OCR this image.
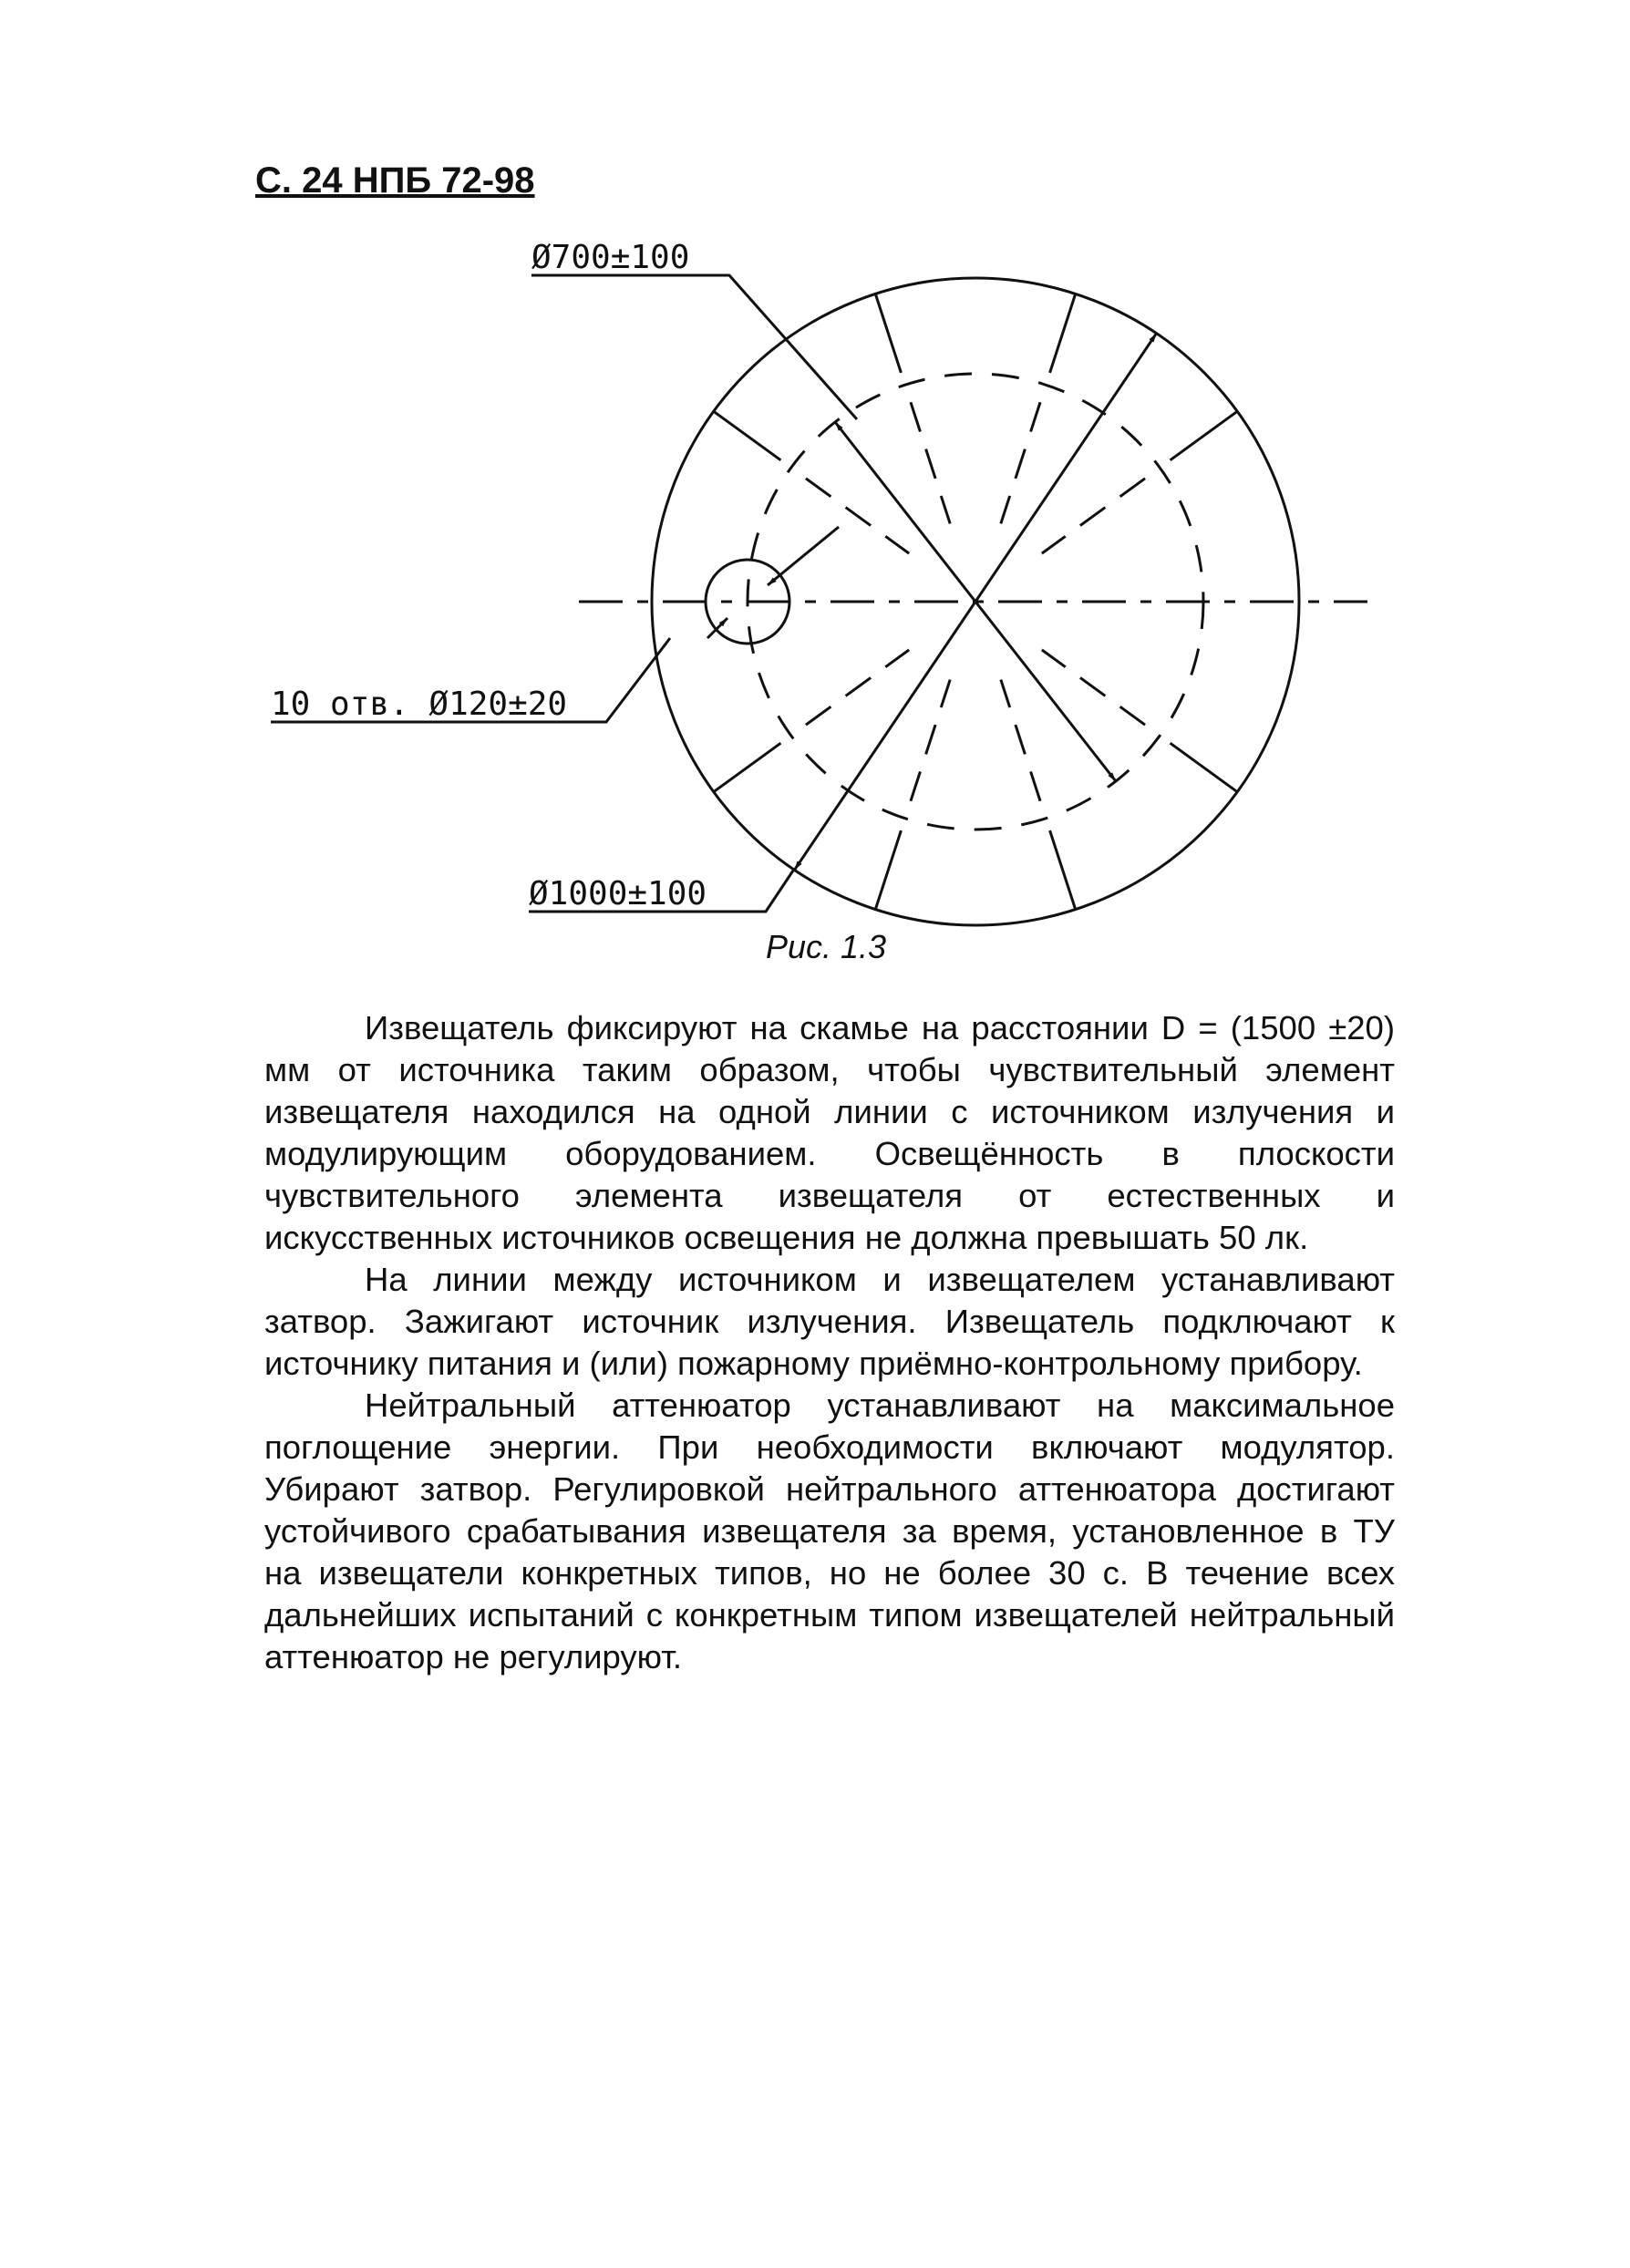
С. 24 НПБ 72-98
Ø700±100
10 отв. Ø120±20
Ø1000±100
Рис. 1.3

Извещатель фиксируют на скамье на расстоянии D = (1500 ±20) мм от источника таким образом, чтобы чувствительный элемент извещателя находился на одной линии с источником излучения и модулирующим оборудованием. Освещённость в плоскости чувствительного элемента извещателя от естественных и искусственных источников освещения не должна превышать 50 лк.

На линии между источником и извещателем устанавливают затвор. Зажигают источник излучения. Извещатель подключают к источнику питания и (или) пожарному приёмно-контрольному прибору.

Нейтральный аттенюатор устанавливают на максимальное поглощение энергии. При необходимости включают модулятор. Убирают затвор. Регулировкой нейтрального аттенюатора достигают устойчивого срабатывания извещателя за время, установленное в ТУ на извещатели конкретных типов, но не более 30 с. В течение всех дальнейших испытаний с конкретным типом извещателей нейтральный аттенюатор не регулируют.
